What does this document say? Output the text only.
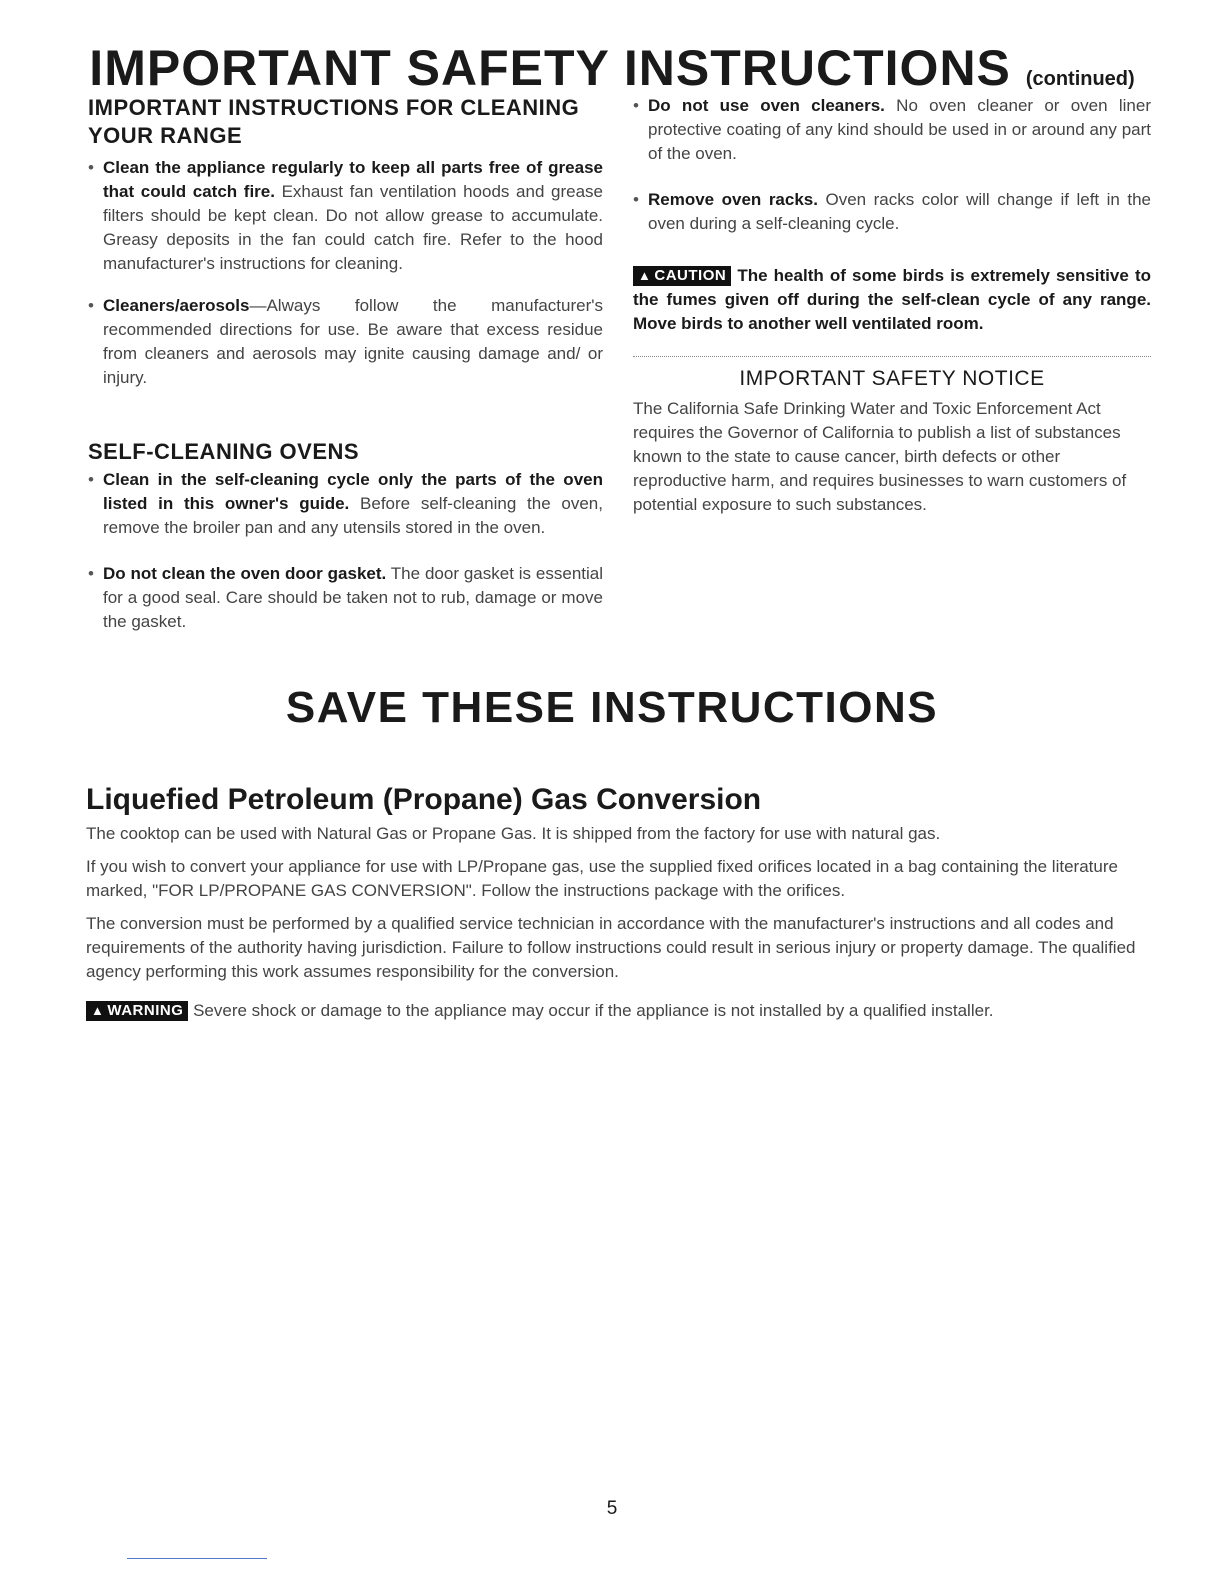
IMPORTANT SAFETY INSTRUCTIONS (continued)
IMPORTANT INSTRUCTIONS FOR CLEANING YOUR RANGE

• Clean the appliance regularly to keep all parts free of grease that could catch fire. Exhaust fan ventilation hoods and grease filters should be kept clean. Do not allow grease to accumulate. Greasy deposits in the fan could catch fire. Refer to the hood manufacturer's instructions for cleaning.

• Cleaners/aerosols—Always follow the manufacturer's recommended directions for use. Be aware that excess residue from cleaners and aerosols may ignite causing damage and/ or injury.

SELF-CLEANING OVENS

• Clean in the self-cleaning cycle only the parts of the oven listed in this owner's guide. Before self-cleaning the oven, remove the broiler pan and any utensils stored in the oven.

• Do not clean the oven door gasket. The door gasket is essential for a good seal. Care should be taken not to rub, damage or move the gasket.

• Do not use oven cleaners. No oven cleaner or oven liner protective coating of any kind should be used in or around any part of the oven.

• Remove oven racks. Oven racks color will change if left in the oven during a self-cleaning cycle.

▲ CAUTION The health of some birds is extremely sensitive to the fumes given off during the self-clean cycle of any range. Move birds to another well ventilated room.

IMPORTANT SAFETY NOTICE

The California Safe Drinking Water and Toxic Enforcement Act requires the Governor of California to publish a list of substances known to the state to cause cancer, birth defects or other reproductive harm, and requires businesses to warn customers of potential exposure to such substances.

SAVE THESE INSTRUCTIONS
Liquefied Petroleum (Propane) Gas Conversion

The cooktop can be used with Natural Gas or Propane Gas. It is shipped from the factory for use with natural gas.

If you wish to convert your appliance for use with LP/Propane gas, use the supplied fixed orifices located in a bag containing the literature marked, "FOR LP/PROPANE GAS CONVERSION". Follow the instructions package with the orifices.

The conversion must be performed by a qualified service technician in accordance with the manufacturer's instructions and all codes and requirements of the authority having jurisdiction. Failure to follow instructions could result in serious injury or property damage. The qualified agency performing this work assumes responsibility for the conversion.

▲ WARNING Severe shock or damage to the appliance may occur if the appliance is not installed by a qualified installer.
5
